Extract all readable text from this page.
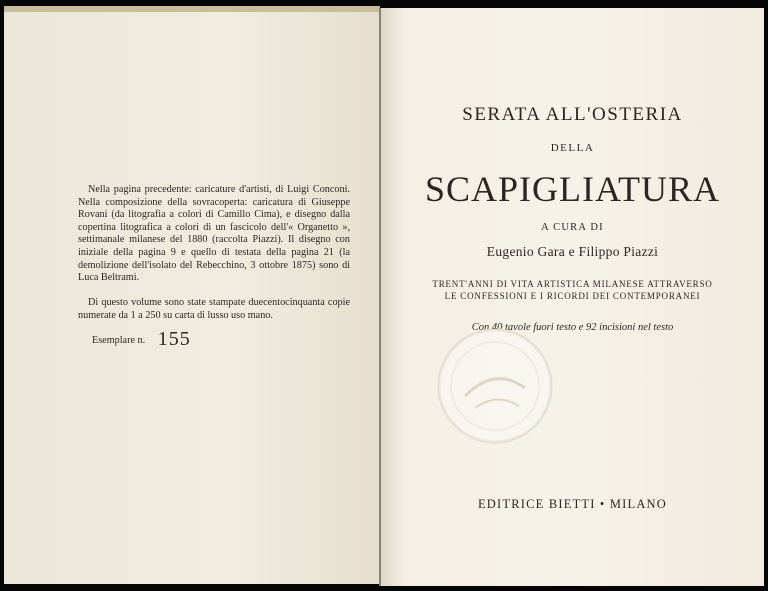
Nella pagina precedente: caricature d'artisti, di Luigi Conconi. Nella composizione della sovracoperta: caricatura di Giuseppe Rovani (da litografia a colori di Camillo Cima), e disegno dalla copertina litografica a colori di un fascicolo dell'« Organetto », settimanale milanese del 1880 (raccolta Piazzi). Il disegno con iniziale della pagina 9 e quello di testata della pagina 21 (la demolizione dell'isolato del Rebecchino, 3 ottobre 1875) sono di Luca Beltrami.
Di questo volume sono state stampate duecentocinquanta copie numerate da 1 a 250 su carta di lusso uso mano.
Esemplare n. 155
SERATA ALL'OSTERIA
DELLA
SCAPIGLIATURA
A CURA DI
Eugenio Gara e Filippo Piazzi
TRENT'ANNI DI VITA ARTISTICA MILANESE ATTRAVERSO
LE CONFESSIONI E I RICORDI DEI CONTEMPORANEI
Con 40 tavole fuori testo e 92 incisioni nel testo
EDITRICE BIETTI • MILANO
